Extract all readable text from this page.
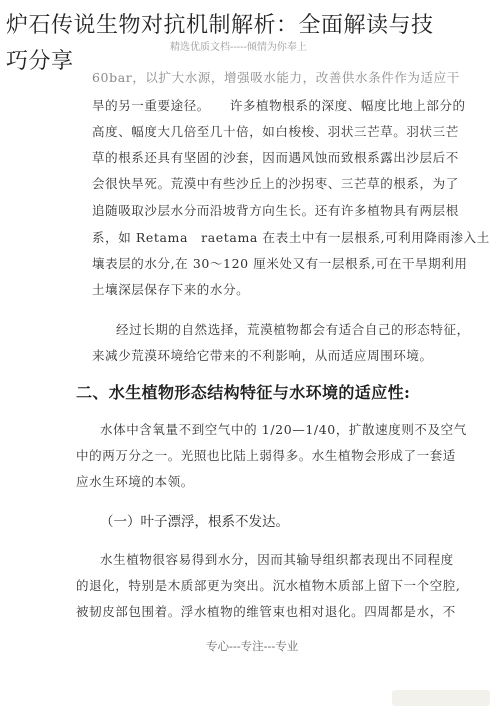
炉石传说生物对抗机制解析：全面解读与技
巧分享
精选优质文档-----倾情为你奉上
60bar，以扩大水源，增强吸水能力，改善供水条件作为适应干
旱的另一重要途径。　　许多植物根系的深度、幅度比地上部分的
高度、幅度大几倍至几十倍，如白梭梭、羽状三芒草。羽状三芒
草的根系还具有坚固的沙套，因而遇风蚀而致根系露出沙层后不
会很快旱死。荒漠中有些沙丘上的沙拐枣、三芒草的根系，为了
追随吸取沙层水分而沿坡背方向生长。还有许多植物具有两层根
系，如 Retama　raetama 在表土中有一层根系,可利用降雨渗入土
壤表层的水分,在 30～120 厘米处又有一层根系,可在干旱期利用
土壤深层保存下来的水分。
经过长期的自然选择，荒漠植物都会有适合自己的形态特征，
来减少荒漠环境给它带来的不利影响，从而适应周围环境。
二、水生植物形态结构特征与水环境的适应性:
水体中含氧量不到空气中的 1/20—1/40，扩散速度则不及空气
中的两万分之一。光照也比陆上弱得多。水生植物会形成了一套适
应水生环境的本领。
（一）叶子漂浮，根系不发达。
水生植物很容易得到水分，因而其输导组织都表现出不同程度
的退化，特别是木质部更为突出。沉水植物木质部上留下一个空腔,
被韧皮部包围着。浮水植物的维管束也相对退化。四周都是水，不
专心---专注---专业
